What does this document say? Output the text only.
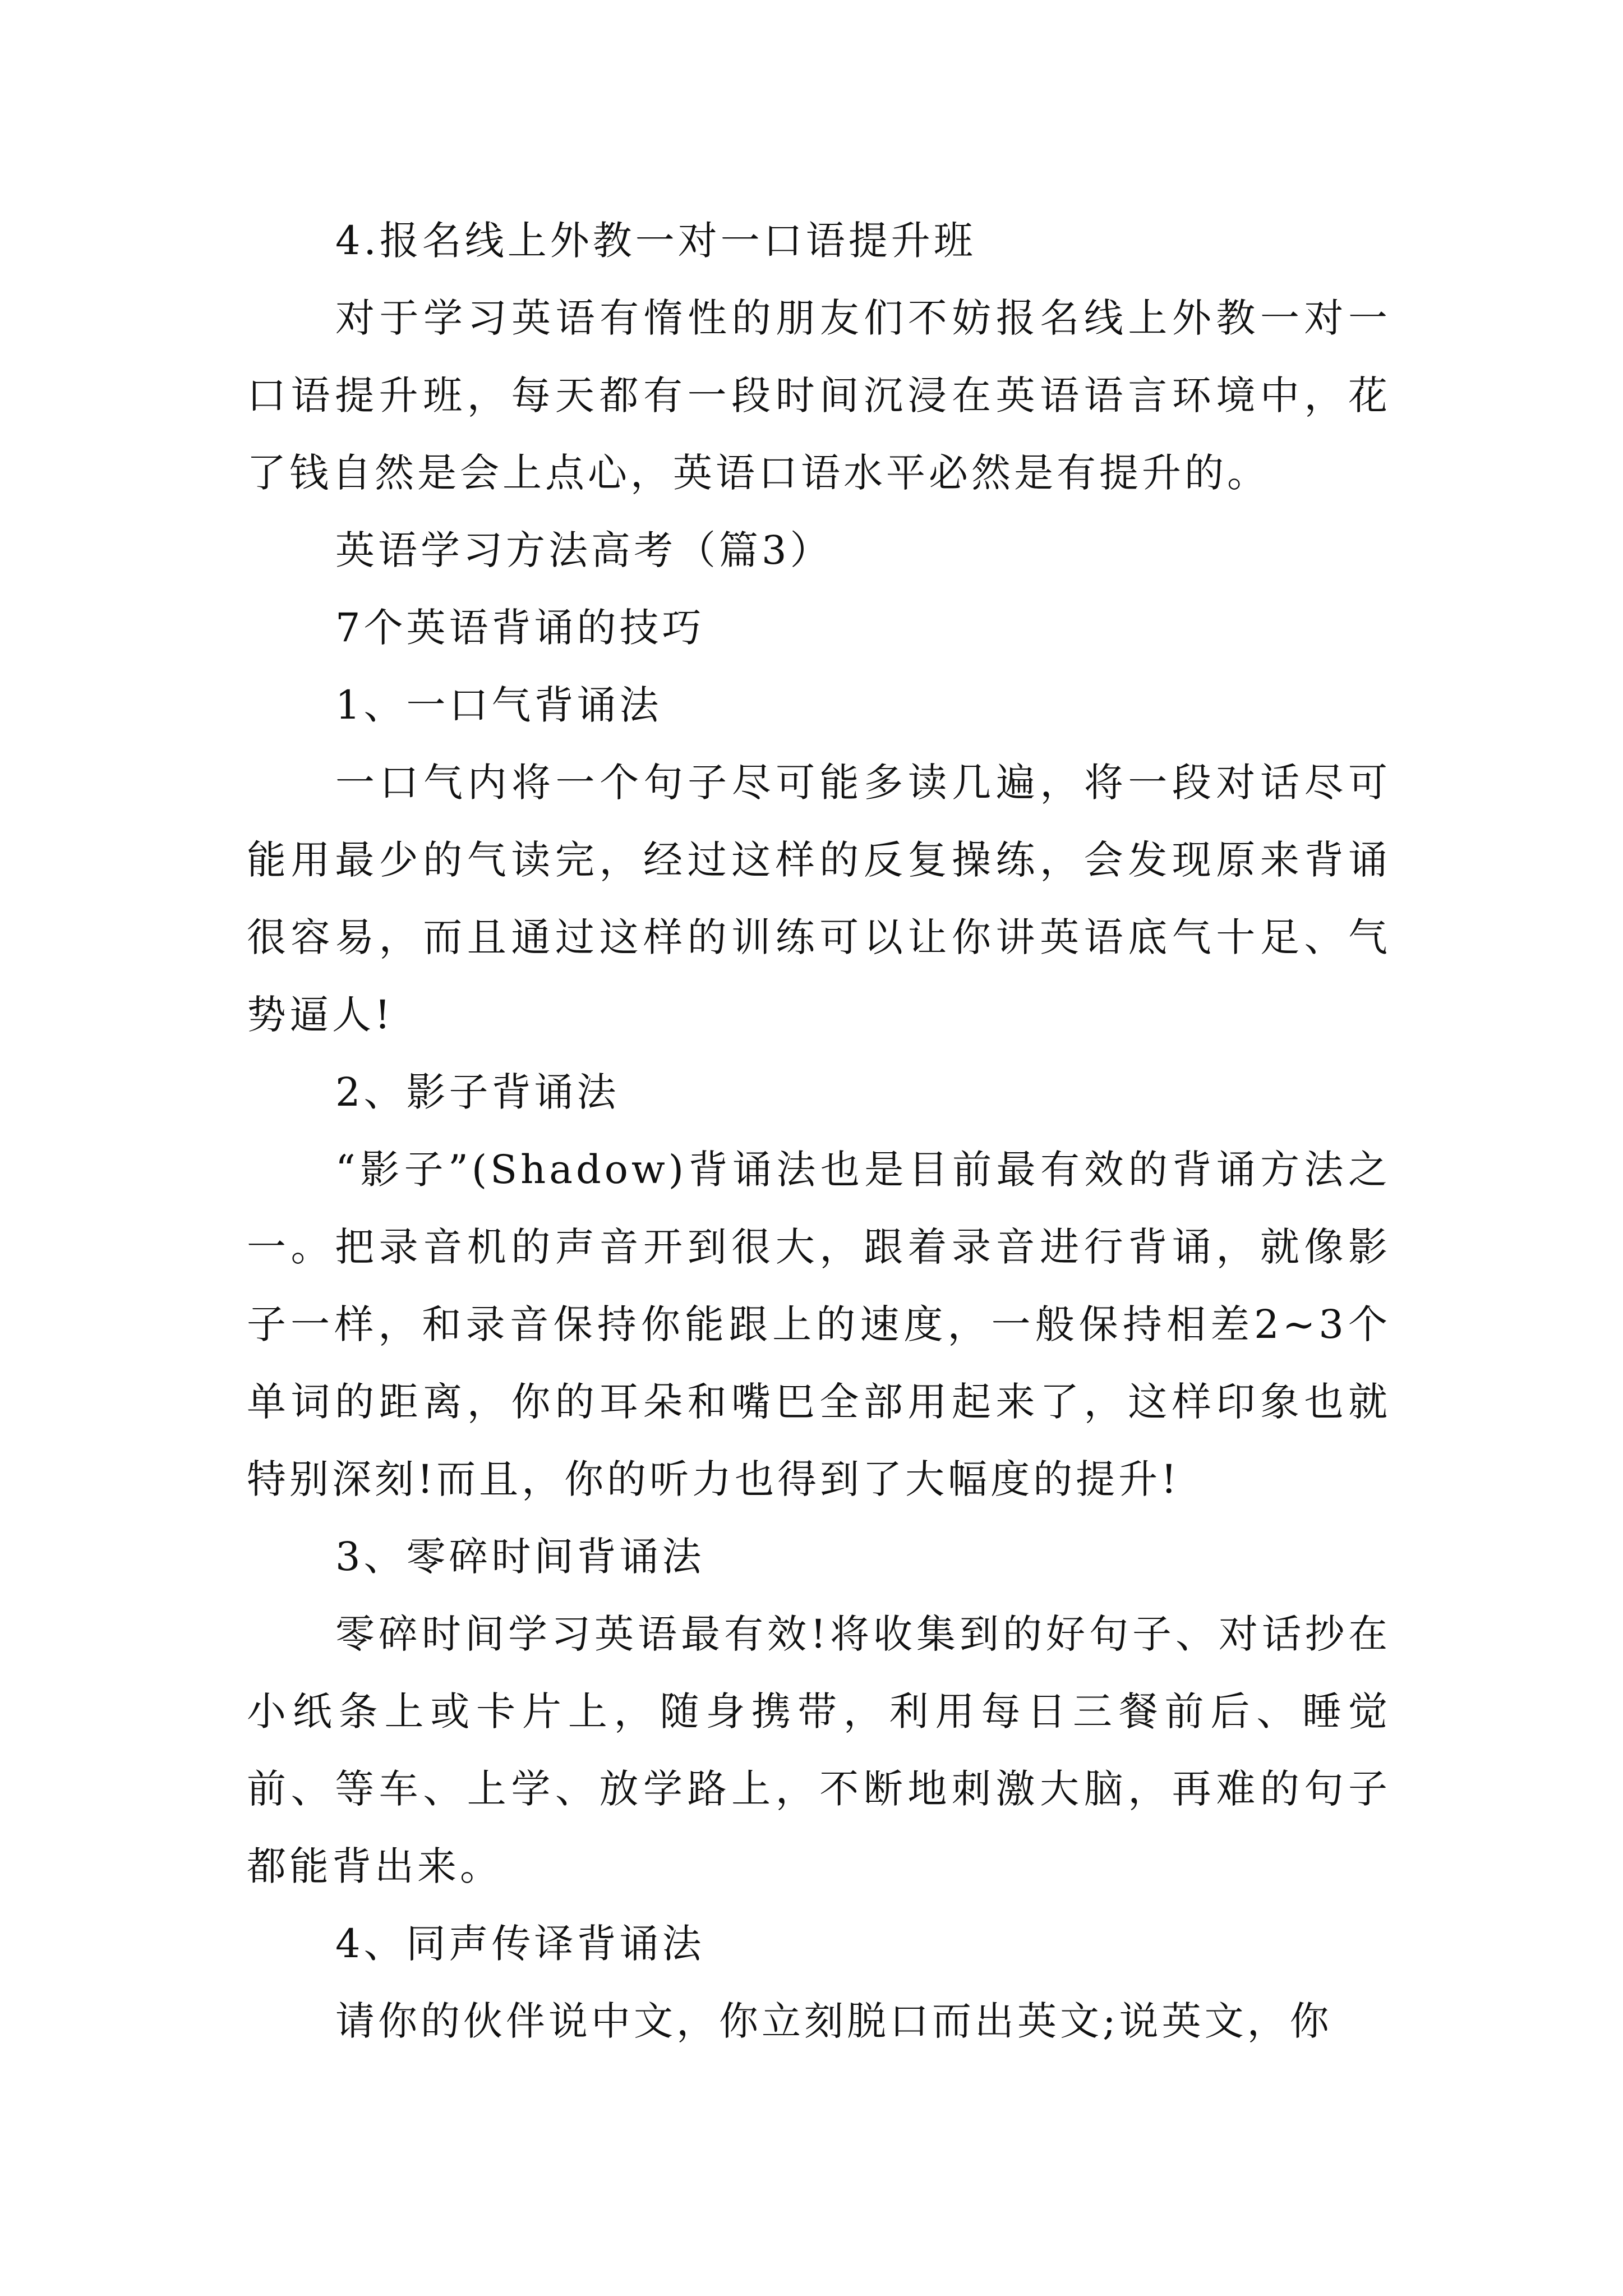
4.报名线上外教一对一口语提升班

对于学习英语有惰性的朋友们不妨报名线上外教一对一口语提升班，每天都有一段时间沉浸在英语语言环境中，花了钱自然是会上点心，英语口语水平必然是有提升的。

英语学习方法高考（篇3）

7个英语背诵的技巧

1、一口气背诵法

一口气内将一个句子尽可能多读几遍，将一段对话尽可能用最少的气读完，经过这样的反复操练，会发现原来背诵很容易，而且通过这样的训练可以让你讲英语底气十足、气势逼人!

2、影子背诵法

“影子”(Shadow)背诵法也是目前最有效的背诵方法之一。把录音机的声音开到很大，跟着录音进行背诵，就像影子一样，和录音保持你能跟上的速度，一般保持相差2~3个单词的距离，你的耳朵和嘴巴全部用起来了，这样印象也就特别深刻!而且，你的听力也得到了大幅度的提升!

3、零碎时间背诵法

零碎时间学习英语最有效!将收集到的好句子、对话抄在小纸条上或卡片上，随身携带，利用每日三餐前后、睡觉前、等车、上学、放学路上，不断地刺激大脑，再难的句子都能背出来。

4、同声传译背诵法

请你的伙伴说中文，你立刻脱口而出英文;说英文，你
